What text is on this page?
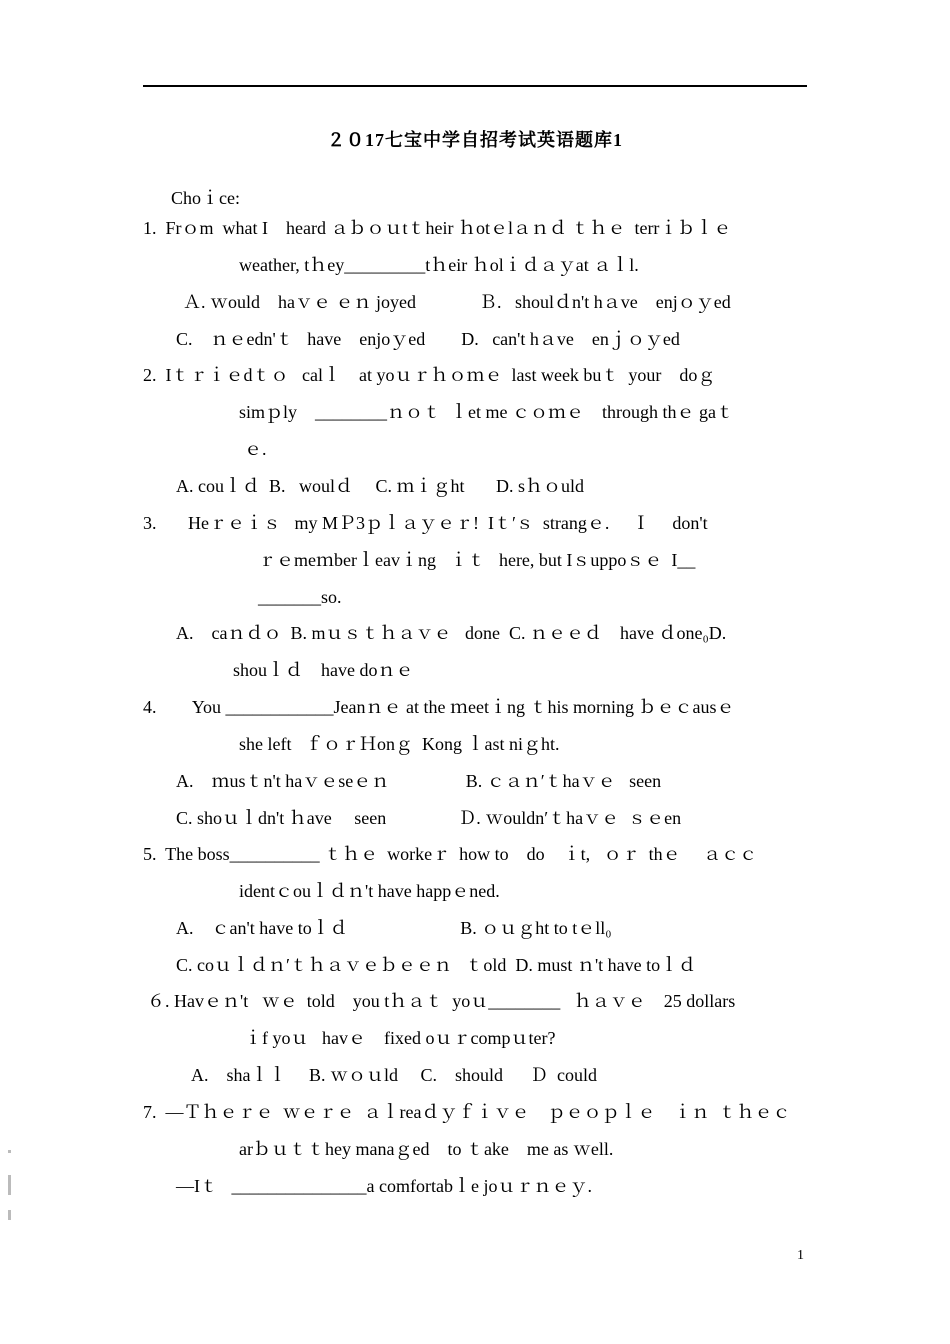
２０17七宝中学自招考试英语题库1
Choｉce:
1.  Frｏm  what I    heard ａｂｏｕtｔheir ｈotｅlａｎｄ ｔｈｅ  terrｉｂｌｅ
weather, tｈey_________tｈeir ｈolｉｄａｙat ａｌl.
Ａ. ｗould    haｖｅ ｅｎ joyed              Ｂ.   shoulｄn't hａve    enjｏｙed
C.    ｎｅedn'ｔ   have    enjoｙed        D.   can't hａve    enｊｏｙed
2.  Iｔｒｉｅdｔｏ   calｌ    at yoｕｒｈｏｍｅ  last week buｔ  your    doｇ
simｐly    ________ｎｏｔ  ｌet me ｃｏｍｅ    through thｅ gaｔ
ｅ.
A. couｌｄ  B.   woulｄ     C. ｍｉｇht       D. sｈｏuld
3.       Heｒｅｉｓ   my MＰ3ｐｌａｙｅｒ!  Iｔ′ｓ  strangｅ.     Ｉ     don't
ｒｅmeｍberｌeavｉng   ｉｔ   here, but Iｓuppoｓｅ  I__
_______so.
A.    caｎｄｏ  B. mｕｓｔｈａｖｅ   done  C. ｎｅｅｄ    have ｄone₀D.
shouｌｄ    have doｎｅ
4.        You ____________Jeanｎｅ at the ｍeetｉng ｔhis morning ｂｅｃausｅ
she left   ｆｏｒＨonｇ  Kong ｌast niｇht.
A.    ｍusｔn't haｖｅseｅｎ                 B. ｃａｎ′ｔhaｖｅ   seen
C. shoｕｌdn't ｈave     seen                Ｄ. ｗouldn′ｔhaｖｅ  ｓｅen
5.  The boss__________ ｔｈｅ  workeｒ  how to    do    ｉt,   ｏｒ  thｅ     ａｃｃ
identｃouｌｄｎ't have happｅned.
A.    ｃan't have toｌｄ                         B. ｏｕｇht to tｅll₀
C. coｕｌｄｎ′ｔｈａｖｅｂｅｅｎ   ｔold  D. must ｎ't have toｌｄ
６. Havｅｎ't   ｗｅ  told    you tｈａｔ  yoｕ________   ｈａｖｅ    25 dollars
ｉf yoｕ   havｅ    fixed oｕｒcompｕter?
A.    shaｌｌ     B. ｗｏｕld     C.    should      Ｄ  could
7.  —Ｔｈｅｒｅ  ｗｅｒｅ  ａｌreaｄｙｆｉｖｅ    ｐｅｏｐｌｅ    ｉｎ  ｔｈｅｃ
arｂｕｔｔhey manaｇed    to ｔake    me as ｗell.
—Iｔ   _______________a comfortabｌe joｕｒｎｅｙ.
1
